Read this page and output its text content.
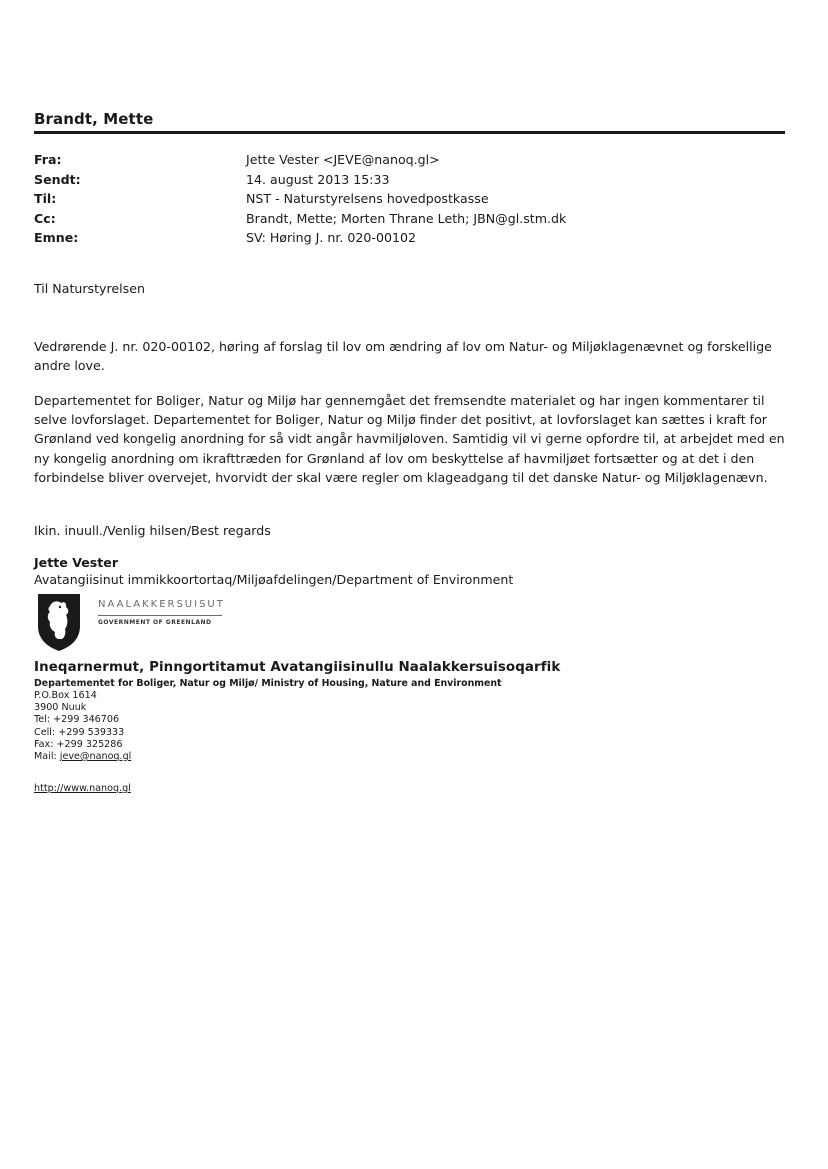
Brandt, Mette
Fra:	Jette Vester <JEVE@nanoq.gl>
Sendt:	14. august 2013 15:33
Til:	NST - Naturstyrelsens hovedpostkasse
Cc:	Brandt, Mette; Morten Thrane Leth; JBN@gl.stm.dk
Emne:	SV: Høring J. nr. 020-00102
Til Naturstyrelsen
Vedrørende J. nr. 020-00102, høring af forslag til lov om ændring af lov om Natur- og Miljøklagenævnet og forskellige andre love.
Departementet for Boliger, Natur og Miljø har gennemgået det fremsendte materialet og har ingen kommentarer til selve lovforslaget. Departementet for Boliger, Natur og Miljø finder det positivt, at lovforslaget kan sættes i kraft for Grønland ved kongelig anordning for så vidt angår havmiljøloven. Samtidig vil vi gerne opfordre til, at arbejdet med en ny kongelig anordning om ikrafttræden for Grønland af lov om beskyttelse af havmiljøet fortsætter og at det i den forbindelse bliver overvejet, hvorvidt der skal være regler om klageadgang til det danske Natur- og Miljøklagenævn.
Ikin. inuull./Venlig hilsen/Best regards
Jette Vester
Avatangiisinut immikkoortortaq/Miljøafdelingen/Department of Environment
NAALAKKERSUISUT
GOVERNMENT OF GREENLAND
Ineqarnermut, Pinngortitamut Avatangiisinullu Naalakkersuisoqarfik
Departementet for Boliger, Natur og Miljø/ Ministry of Housing, Nature and Environment
P.O.Box 1614
3900 Nuuk
Tel: +299 346706
Cell: +299 539333
Fax: +299 325286
Mail: jeve@nanoq.gl
http://www.nanoq.gl
